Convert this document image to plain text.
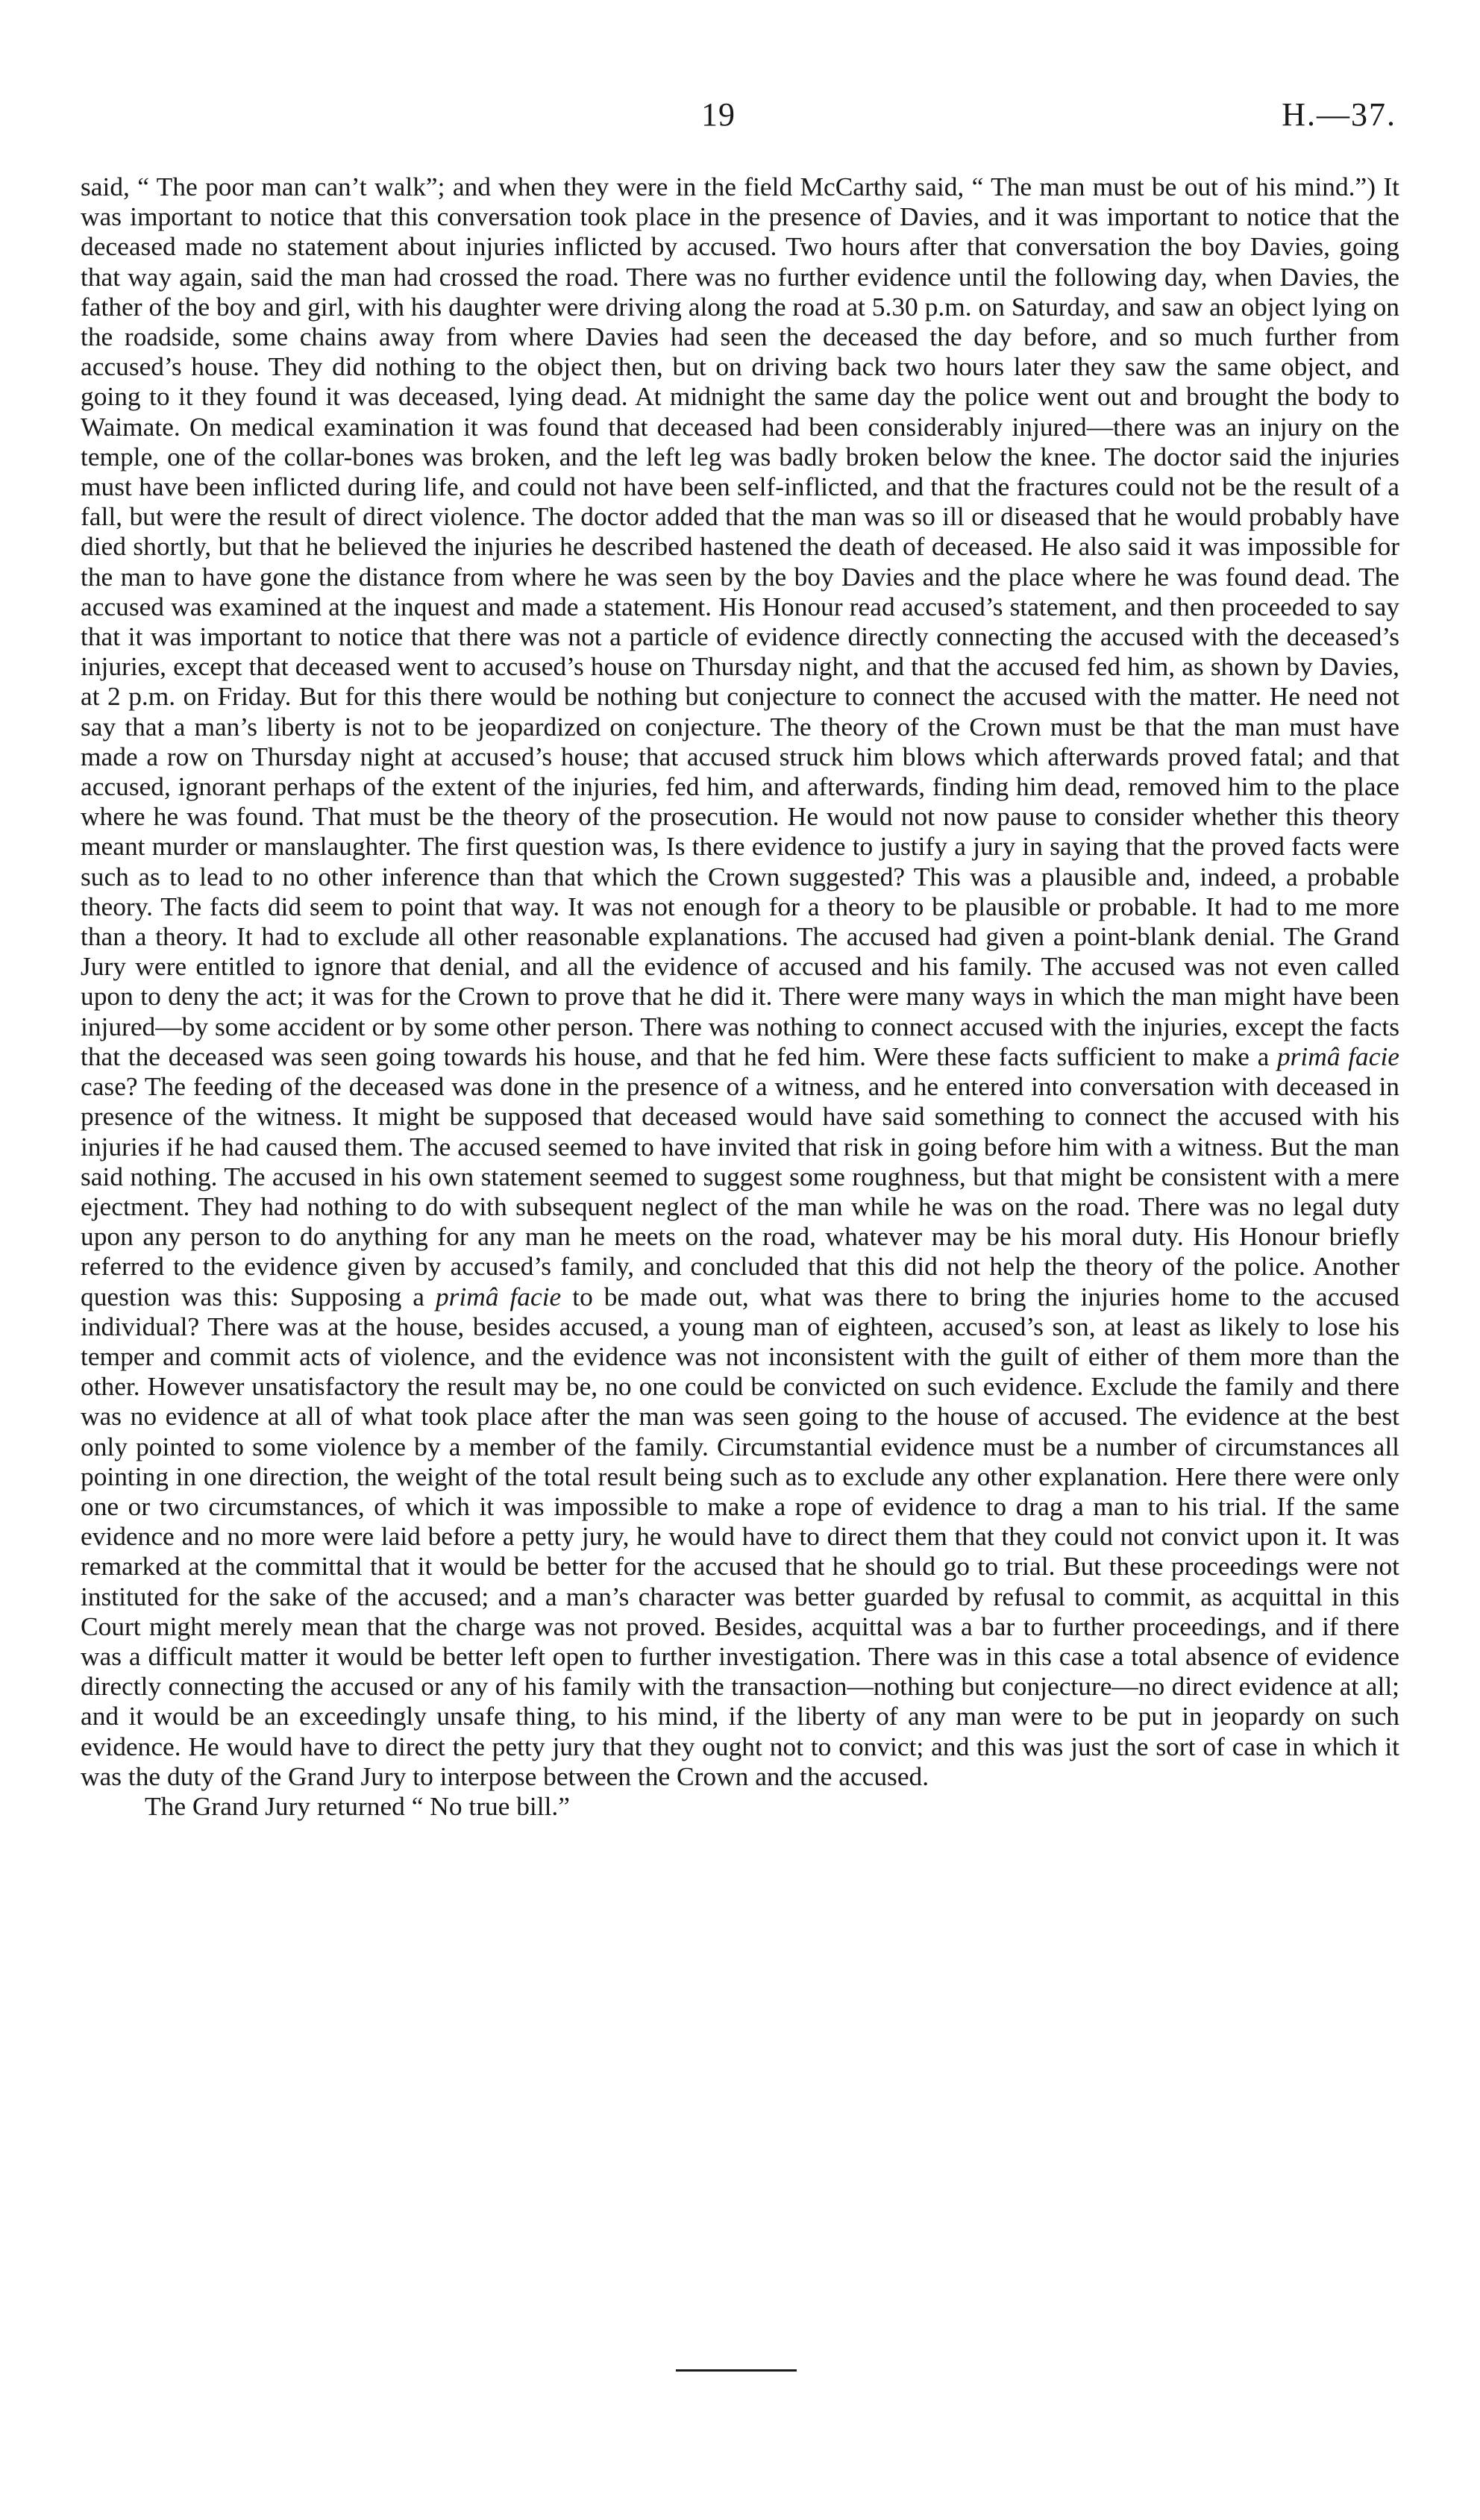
19	H.—37.

said, “ The poor man can’t walk”; and when they were in the field McCarthy said, “ The man must be out of his mind.”) It was important to notice that this conversation took place in the presence of Davies, and it was important to notice that the deceased made no statement about injuries inflicted by accused. Two hours after that conversation the boy Davies, going that way again, said the man had crossed the road. There was no further evidence until the following day, when Davies, the father of the boy and girl, with his daughter were driving along the road at 5.30 p.m. on Saturday, and saw an object lying on the roadside, some chains away from where Davies had seen the deceased the day before, and so much further from accused’s house. They did nothing to the object then, but on driving back two hours later they saw the same object, and going to it they found it was deceased, lying dead. At midnight the same day the police went out and brought the body to Waimate. On medical examination it was found that deceased had been considerably injured—there was an injury on the temple, one of the collar-bones was broken, and the left leg was badly broken below the knee. The doctor said the injuries must have been inflicted during life, and could not have been self-inflicted, and that the fractures could not be the result of a fall, but were the result of direct violence. The doctor added that the man was so ill or diseased that he would probably have died shortly, but that he believed the injuries he described hastened the death of deceased. He also said it was impossible for the man to have gone the distance from where he was seen by the boy Davies and the place where he was found dead. The accused was examined at the inquest and made a statement. His Honour read accused’s statement, and then proceeded to say that it was important to notice that there was not a particle of evidence directly connecting the accused with the deceased’s injuries, except that deceased went to accused’s house on Thursday night, and that the accused fed him, as shown by Davies, at 2 p.m. on Friday. But for this there would be nothing but conjecture to connect the accused with the matter. He need not say that a man’s liberty is not to be jeopardized on conjecture. The theory of the Crown must be that the man must have made a row on Thursday night at accused’s house; that accused struck him blows which afterwards proved fatal; and that accused, ignorant perhaps of the extent of the injuries, fed him, and afterwards, finding him dead, removed him to the place where he was found. That must be the theory of the prosecution. He would not now pause to consider whether this theory meant murder or manslaughter. The first question was, Is there evidence to justify a jury in saying that the proved facts were such as to lead to no other inference than that which the Crown suggested? This was a plausible and, indeed, a probable theory. The facts did seem to point that way. It was not enough for a theory to be plausible or probable. It had to me more than a theory. It had to exclude all other reasonable explanations. The accused had given a point-blank denial. The Grand Jury were entitled to ignore that denial, and all the evidence of accused and his family. The accused was not even called upon to deny the act; it was for the Crown to prove that he did it. There were many ways in which the man might have been injured—by some accident or by some other person. There was nothing to connect accused with the injuries, except the facts that the deceased was seen going towards his house, and that he fed him. Were these facts sufficient to make a primâ facie case? The feeding of the deceased was done in the presence of a witness, and he entered into conversation with deceased in presence of the witness. It might be supposed that deceased would have said something to connect the accused with his injuries if he had caused them. The accused seemed to have invited that risk in going before him with a witness. But the man said nothing. The accused in his own statement seemed to suggest some roughness, but that might be consistent with a mere ejectment. They had nothing to do with subsequent neglect of the man while he was on the road. There was no legal duty upon any person to do anything for any man he meets on the road, whatever may be his moral duty. His Honour briefly referred to the evidence given by accused’s family, and concluded that this did not help the theory of the police. Another question was this: Supposing a primâ facie to be made out, what was there to bring the injuries home to the accused individual? There was at the house, besides accused, a young man of eighteen, accused’s son, at least as likely to lose his temper and commit acts of violence, and the evidence was not inconsistent with the guilt of either of them more than the other. However unsatisfactory the result may be, no one could be convicted on such evidence. Exclude the family and there was no evidence at all of what took place after the man was seen going to the house of accused. The evidence at the best only pointed to some violence by a member of the family. Circumstantial evidence must be a number of circumstances all pointing in one direction, the weight of the total result being such as to exclude any other explanation. Here there were only one or two circumstances, of which it was impossible to make a rope of evidence to drag a man to his trial. If the same evidence and no more were laid before a petty jury, he would have to direct them that they could not convict upon it. It was remarked at the committal that it would be better for the accused that he should go to trial. But these proceedings were not instituted for the sake of the accused; and a man’s character was better guarded by refusal to commit, as acquittal in this Court might merely mean that the charge was not proved. Besides, acquittal was a bar to further proceedings, and if there was a difficult matter it would be better left open to further investigation. There was in this case a total absence of evidence directly connecting the accused or any of his family with the transaction—nothing but conjecture—no direct evidence at all; and it would be an exceedingly unsafe thing, to his mind, if the liberty of any man were to be put in jeopardy on such evidence. He would have to direct the petty jury that they ought not to convict; and this was just the sort of case in which it was the duty of the Grand Jury to interpose between the Crown and the accused.

The Grand Jury returned “ No true bill.”
